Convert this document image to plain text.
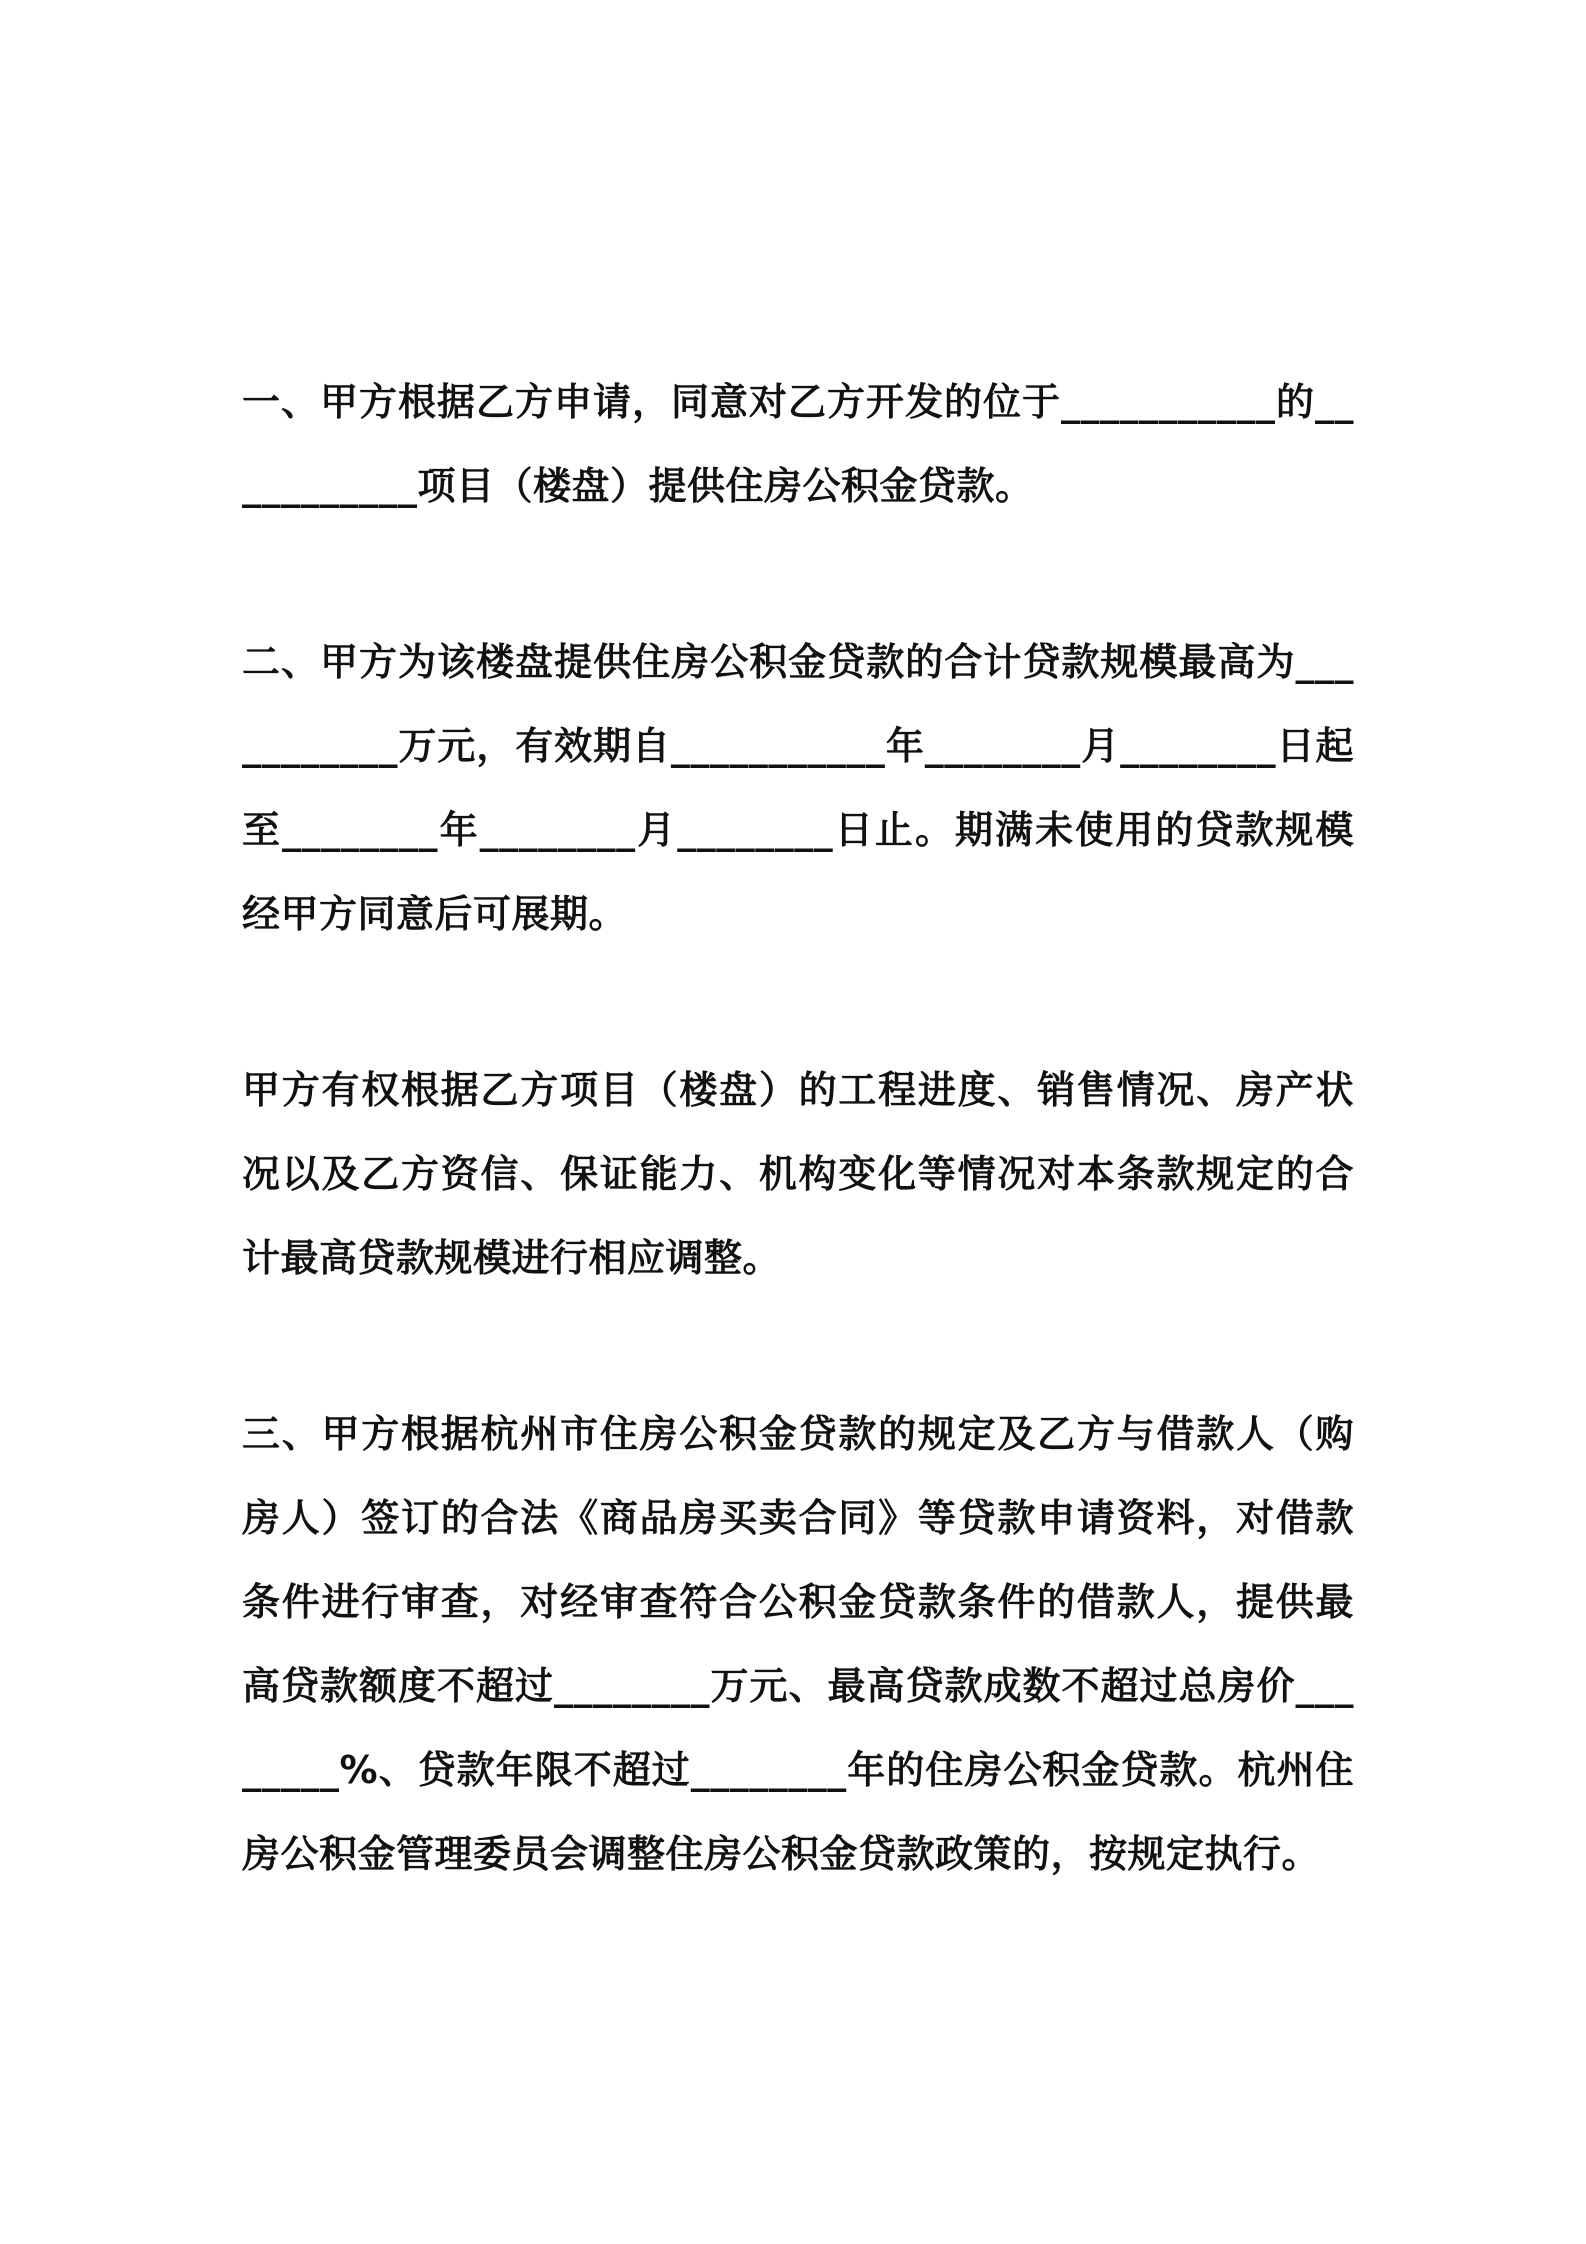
一、甲方根据乙方申请，同意对乙方开发的位于___________的___________项目（楼盘）提供住房公积金贷款。

二、甲方为该楼盘提供住房公积金贷款的合计贷款规模最高为___________万元，有效期自___________年________月________日起至________年________月________日止。期满未使用的贷款规模经甲方同意后可展期。

甲方有权根据乙方项目（楼盘）的工程进度、销售情况、房产状况以及乙方资信、保证能力、机构变化等情况对本条款规定的合计最高贷款规模进行相应调整。

三、甲方根据杭州市住房公积金贷款的规定及乙方与借款人（购房人）签订的合法《商品房买卖合同》等贷款申请资料，对借款条件进行审查，对经审查符合公积金贷款条件的借款人，提供最高贷款额度不超过________万元、最高贷款成数不超过总房价________%、贷款年限不超过________年的住房公积金贷款。杭州住房公积金管理委员会调整住房公积金贷款政策的，按规定执行。
